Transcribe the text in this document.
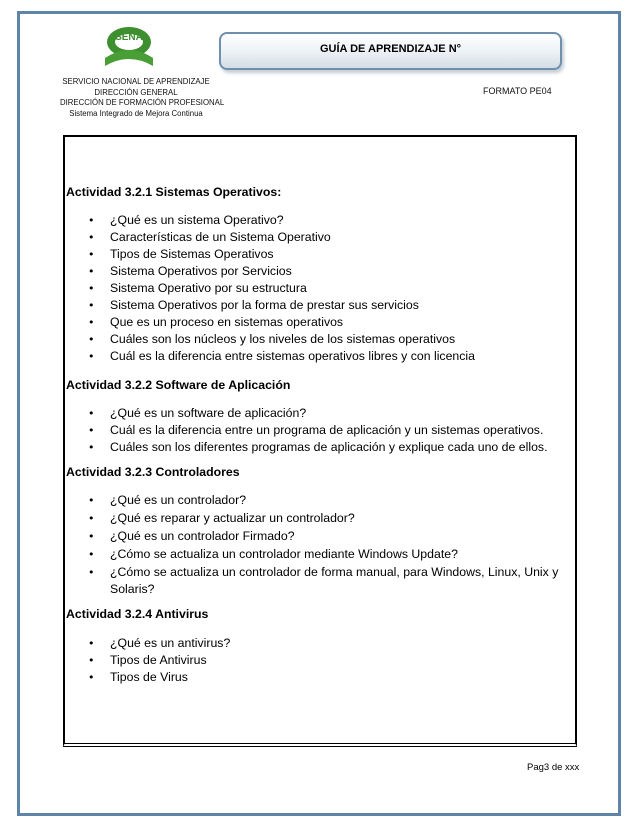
SENA
GUÍA DE APRENDIZAJE N°
SERVICIO NACIONAL DE APRENDIZAJE
DIRECCIÓN GENERAL
DIRECCIÓN DE FORMACIÓN PROFESIONAL
Sistema Integrado de Mejora Continua
FORMATO PE04
Actividad 3.2.1 Sistemas Operativos:
• ¿Qué es un sistema Operativo?
• Características de un Sistema Operativo
• Tipos de Sistemas Operativos
• Sistema Operativos por Servicios
• Sistema Operativo por su estructura
• Sistema Operativos por la forma de prestar sus servicios
• Que es un proceso en sistemas operativos
• Cuáles son los núcleos y los niveles de los sistemas operativos
• Cuál es la diferencia entre sistemas operativos libres y con licencia
Actividad 3.2.2 Software de Aplicación
• ¿Qué es un software de aplicación?
• Cuál es la diferencia entre un programa de aplicación y un sistemas operativos.
• Cuáles son los diferentes programas de aplicación y explique cada uno de ellos.
Actividad 3.2.3 Controladores
• ¿Qué es un controlador?
• ¿Qué es reparar y actualizar un controlador?
• ¿Qué es un controlador Firmado?
• ¿Cómo se actualiza un controlador mediante Windows Update?
• ¿Cómo se actualiza un controlador de forma manual, para Windows, Linux, Unix y Solaris?
Actividad 3.2.4 Antivirus
• ¿Qué es un antivirus?
• Tipos de Antivirus
• Tipos de Virus
Pag3 de xxx
